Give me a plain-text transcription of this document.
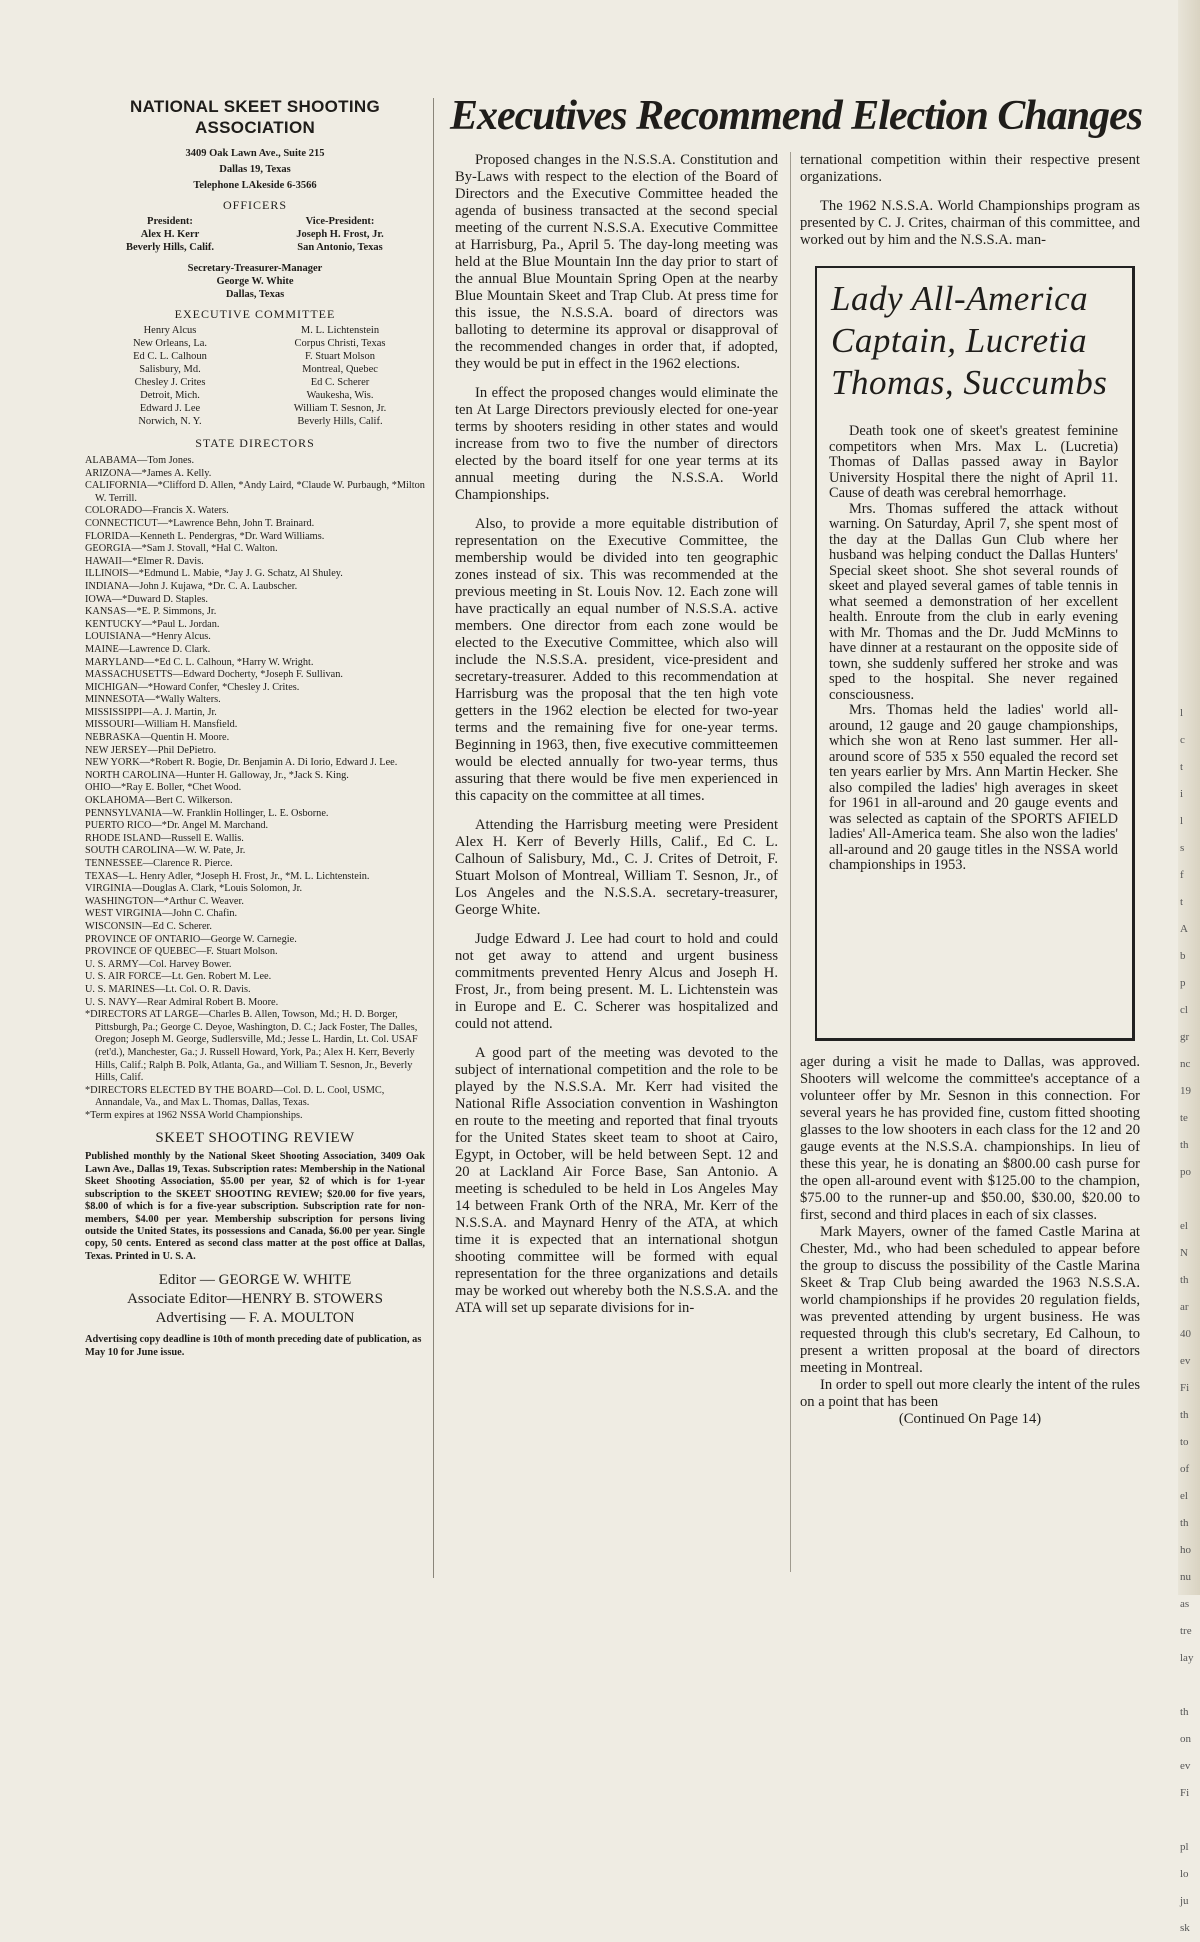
NATIONAL SKEET SHOOTING
ASSOCIATION
3409 Oak Lawn Ave., Suite 215
Dallas 19, Texas
Telephone LAkeside 6-3566
OFFICERS
President:
Alex H. Kerr
Beverly Hills, Calif.
Vice-President:
Joseph H. Frost, Jr.
San Antonio, Texas
Secretary-Treasurer-Manager
George W. White
Dallas, Texas
EXECUTIVE COMMITTEE
Henry Alcus
New Orleans, La.
Ed C. L. Calhoun
Salisbury, Md.
Chesley J. Crites
Detroit, Mich.
Edward J. Lee
Norwich, N. Y.
M. L. Lichtenstein
Corpus Christi, Texas
F. Stuart Molson
Montreal, Quebec
Ed C. Scherer
Waukesha, Wis.
William T. Sesnon, Jr.
Beverly Hills, Calif.
STATE DIRECTORS

ALABAMA—Tom Jones.

ARIZONA—*James A. Kelly.

CALIFORNIA—*Clifford D. Allen, *Andy Laird, *Claude W. Purbaugh, *Milton W. Terrill.

COLORADO—Francis X. Waters.

CONNECTICUT—*Lawrence Behn, John T. Brainard.

FLORIDA—Kenneth L. Pendergras, *Dr. Ward Williams.

GEORGIA—*Sam J. Stovall, *Hal C. Walton.

HAWAII—*Elmer R. Davis.

ILLINOIS—*Edmund L. Mabie, *Jay J. G. Schatz, Al Shuley.

INDIANA—John J. Kujawa, *Dr. C. A. Laubscher.

IOWA—*Duward D. Staples.

KANSAS—*E. P. Simmons, Jr.

KENTUCKY—*Paul L. Jordan.

LOUISIANA—*Henry Alcus.

MAINE—Lawrence D. Clark.

MARYLAND—*Ed C. L. Calhoun, *Harry W. Wright.

MASSACHUSETTS—Edward Docherty, *Joseph F. Sullivan.

MICHIGAN—*Howard Confer, *Chesley J. Crites.

MINNESOTA—*Wally Walters.

MISSISSIPPI—A. J. Martin, Jr.

MISSOURI—William H. Mansfield.

NEBRASKA—Quentin H. Moore.

NEW JERSEY—Phil DePietro.

NEW YORK—*Robert R. Bogie, Dr. Benjamin A. Di Iorio, Edward J. Lee.

NORTH CAROLINA—Hunter H. Galloway, Jr., *Jack S. King.

OHIO—*Ray E. Boller, *Chet Wood.

OKLAHOMA—Bert C. Wilkerson.

PENNSYLVANIA—W. Franklin Hollinger, L. E. Osborne.

PUERTO RICO—*Dr. Angel M. Marchand.

RHODE ISLAND—Russell E. Wallis.

SOUTH CAROLINA—W. W. Pate, Jr.

TENNESSEE—Clarence R. Pierce.

TEXAS—L. Henry Adler, *Joseph H. Frost, Jr., *M. L. Lichtenstein.

VIRGINIA—Douglas A. Clark, *Louis Solomon, Jr.

WASHINGTON—*Arthur C. Weaver.

WEST VIRGINIA—John C. Chafin.

WISCONSIN—Ed C. Scherer.

PROVINCE OF ONTARIO—George W. Carnegie.

PROVINCE OF QUEBEC—F. Stuart Molson.

U. S. ARMY—Col. Harvey Bower.

U. S. AIR FORCE—Lt. Gen. Robert M. Lee.

U. S. MARINES—Lt. Col. O. R. Davis.

U. S. NAVY—Rear Admiral Robert B. Moore.

*DIRECTORS AT LARGE—Charles B. Allen, Towson, Md.; H. D. Borger, Pittsburgh, Pa.; George C. Deyoe, Washington, D. C.; Jack Foster, The Dalles, Oregon; Joseph M. George, Sudlersville, Md.; Jesse L. Hardin, Lt. Col. USAF (ret'd.), Manchester, Ga.; J. Russell Howard, York, Pa.; Alex H. Kerr, Beverly Hills, Calif.; Ralph B. Polk, Atlanta, Ga., and William T. Sesnon, Jr., Beverly Hills, Calif.

*DIRECTORS ELECTED BY THE BOARD—Col. D. L. Cool, USMC, Annandale, Va., and Max L. Thomas, Dallas, Texas.

*Term expires at 1962 NSSA World Championships.

SKEET SHOOTING REVIEW
Published monthly by the National Skeet Shooting Association, 3409 Oak Lawn Ave., Dallas 19, Texas. Subscription rates: Membership in the National Skeet Shooting Association, $5.00 per year, $2 of which is for 1-year subscription to the SKEET SHOOTING REVIEW; $20.00 for five years, $8.00 of which is for a five-year subscription. Subscription rate for non-members, $4.00 per year. Membership subscription for persons living outside the United States, its possessions and Canada, $6.00 per year. Single copy, 50 cents. Entered as second class matter at the post office at Dallas, Texas. Printed in U. S. A.
Editor — GEORGE W. WHITE
Associate Editor—HENRY B. STOWERS
Advertising — F. A. MOULTON
Advertising copy deadline is 10th of month preceding date of publication, as May 10 for June issue.
Executives Recommend Election Changes

Proposed changes in the N.S.S.A. Constitution and By-Laws with respect to the election of the Board of Directors and the Executive Committee headed the agenda of business transacted at the second special meeting of the current N.S.S.A. Executive Committee at Harrisburg, Pa., April 5. The day-long meeting was held at the Blue Mountain Inn the day prior to start of the annual Blue Mountain Spring Open at the nearby Blue Mountain Skeet and Trap Club. At press time for this issue, the N.S.S.A. board of directors was balloting to determine its approval or disapproval of the recommended changes in order that, if adopted, they would be put in effect in the 1962 elections.

In effect the proposed changes would eliminate the ten At Large Directors previously elected for one-year terms by shooters residing in other states and would increase from two to five the number of directors elected by the board itself for one year terms at its annual meeting during the N.S.S.A. World Championships.

Also, to provide a more equitable distribution of representation on the Executive Committee, the membership would be divided into ten geographic zones instead of six. This was recommended at the previous meeting in St. Louis Nov. 12. Each zone will have practically an equal number of N.S.S.A. active members. One director from each zone would be elected to the Executive Committee, which also will include the N.S.S.A. president, vice-president and secretary-treasurer. Added to this recommendation at Harrisburg was the proposal that the ten high vote getters in the 1962 election be elected for two-year terms and the remaining five for one-year terms. Beginning in 1963, then, five executive committeemen would be elected annually for two-year terms, thus assuring that there would be five men experienced in this capacity on the committee at all times.

Attending the Harrisburg meeting were President Alex H. Kerr of Beverly Hills, Calif., Ed C. L. Calhoun of Salisbury, Md., C. J. Crites of Detroit, F. Stuart Molson of Montreal, William T. Sesnon, Jr., of Los Angeles and the N.S.S.A. secretary-treasurer, George White.

Judge Edward J. Lee had court to hold and could not get away to attend and urgent business commitments prevented Henry Alcus and Joseph H. Frost, Jr., from being present. M. L. Lichtenstein was in Europe and E. C. Scherer was hospitalized and could not attend.

A good part of the meeting was devoted to the subject of international competition and the role to be played by the N.S.S.A. Mr. Kerr had visited the National Rifle Association convention in Washington en route to the meeting and reported that final tryouts for the United States skeet team to shoot at Cairo, Egypt, in October, will be held between Sept. 12 and 20 at Lackland Air Force Base, San Antonio. A meeting is scheduled to be held in Los Angeles May 14 between Frank Orth of the NRA, Mr. Kerr of the N.S.S.A. and Maynard Henry of the ATA, at which time it is expected that an international shotgun shooting committee will be formed with equal representation for the three organizations and details may be worked out whereby both the N.S.S.A. and the ATA will set up separate divisions for in-

ternational competition within their respective present organizations.

The 1962 N.S.S.A. World Championships program as presented by C. J. Crites, chairman of this committee, and worked out by him and the N.S.S.A. man-

Lady All-America Captain, Lucretia Thomas, Succumbs

Death took one of skeet's greatest feminine competitors when Mrs. Max L. (Lucretia) Thomas of Dallas passed away in Baylor University Hospital there the night of April 11. Cause of death was cerebral hemorrhage.

Mrs. Thomas suffered the attack without warning. On Saturday, April 7, she spent most of the day at the Dallas Gun Club where her husband was helping conduct the Dallas Hunters' Special skeet shoot. She shot several rounds of skeet and played several games of table tennis in what seemed a demonstration of her excellent health. Enroute from the club in early evening with Mr. Thomas and the Dr. Judd McMinns to have dinner at a restaurant on the opposite side of town, she suddenly suffered her stroke and was sped to the hospital. She never regained consciousness.

Mrs. Thomas held the ladies' world all-around, 12 gauge and 20 gauge championships, which she won at Reno last summer. Her all-around score of 535 x 550 equaled the record set ten years earlier by Mrs. Ann Martin Hecker. She also compiled the ladies' high averages in skeet for 1961 in all-around and 20 gauge events and was selected as captain of the SPORTS AFIELD ladies' All-America team. She also won the ladies' all-around and 20 gauge titles in the NSSA world championships in 1953.

ager during a visit he made to Dallas, was approved. Shooters will welcome the committee's acceptance of a volunteer offer by Mr. Sesnon in this connection. For several years he has provided fine, custom fitted shooting glasses to the low shooters in each class for the 12 and 20 gauge events at the N.S.S.A. championships. In lieu of these this year, he is donating an $800.00 cash purse for the open all-around event with $125.00 to the champion, $75.00 to the runner-up and $50.00, $30.00, $20.00 to first, second and third places in each of six classes.

Mark Mayers, owner of the famed Castle Marina at Chester, Md., who had been scheduled to appear before the group to discuss the possibility of the Castle Marina Skeet & Trap Club being awarded the 1963 N.S.S.A. world championships if he provides 20 regulation fields, was prevented attending by urgent business. He was requested through this club's secretary, Ed Calhoun, to present a written proposal at the board of directors meeting in Montreal.

In order to spell out more clearly the intent of the rules on a point that has been

(Continued On Page 14)

l
c
t
i
l
s
f
t
A
b
p
cl
gr
nc
19
te
th
po

el
N
th
ar
40
ev
Fi
th
to
of
el
th
ho
nu
as
tre
lay

th
on
ev
Fi

pl
lo
ju
sk
